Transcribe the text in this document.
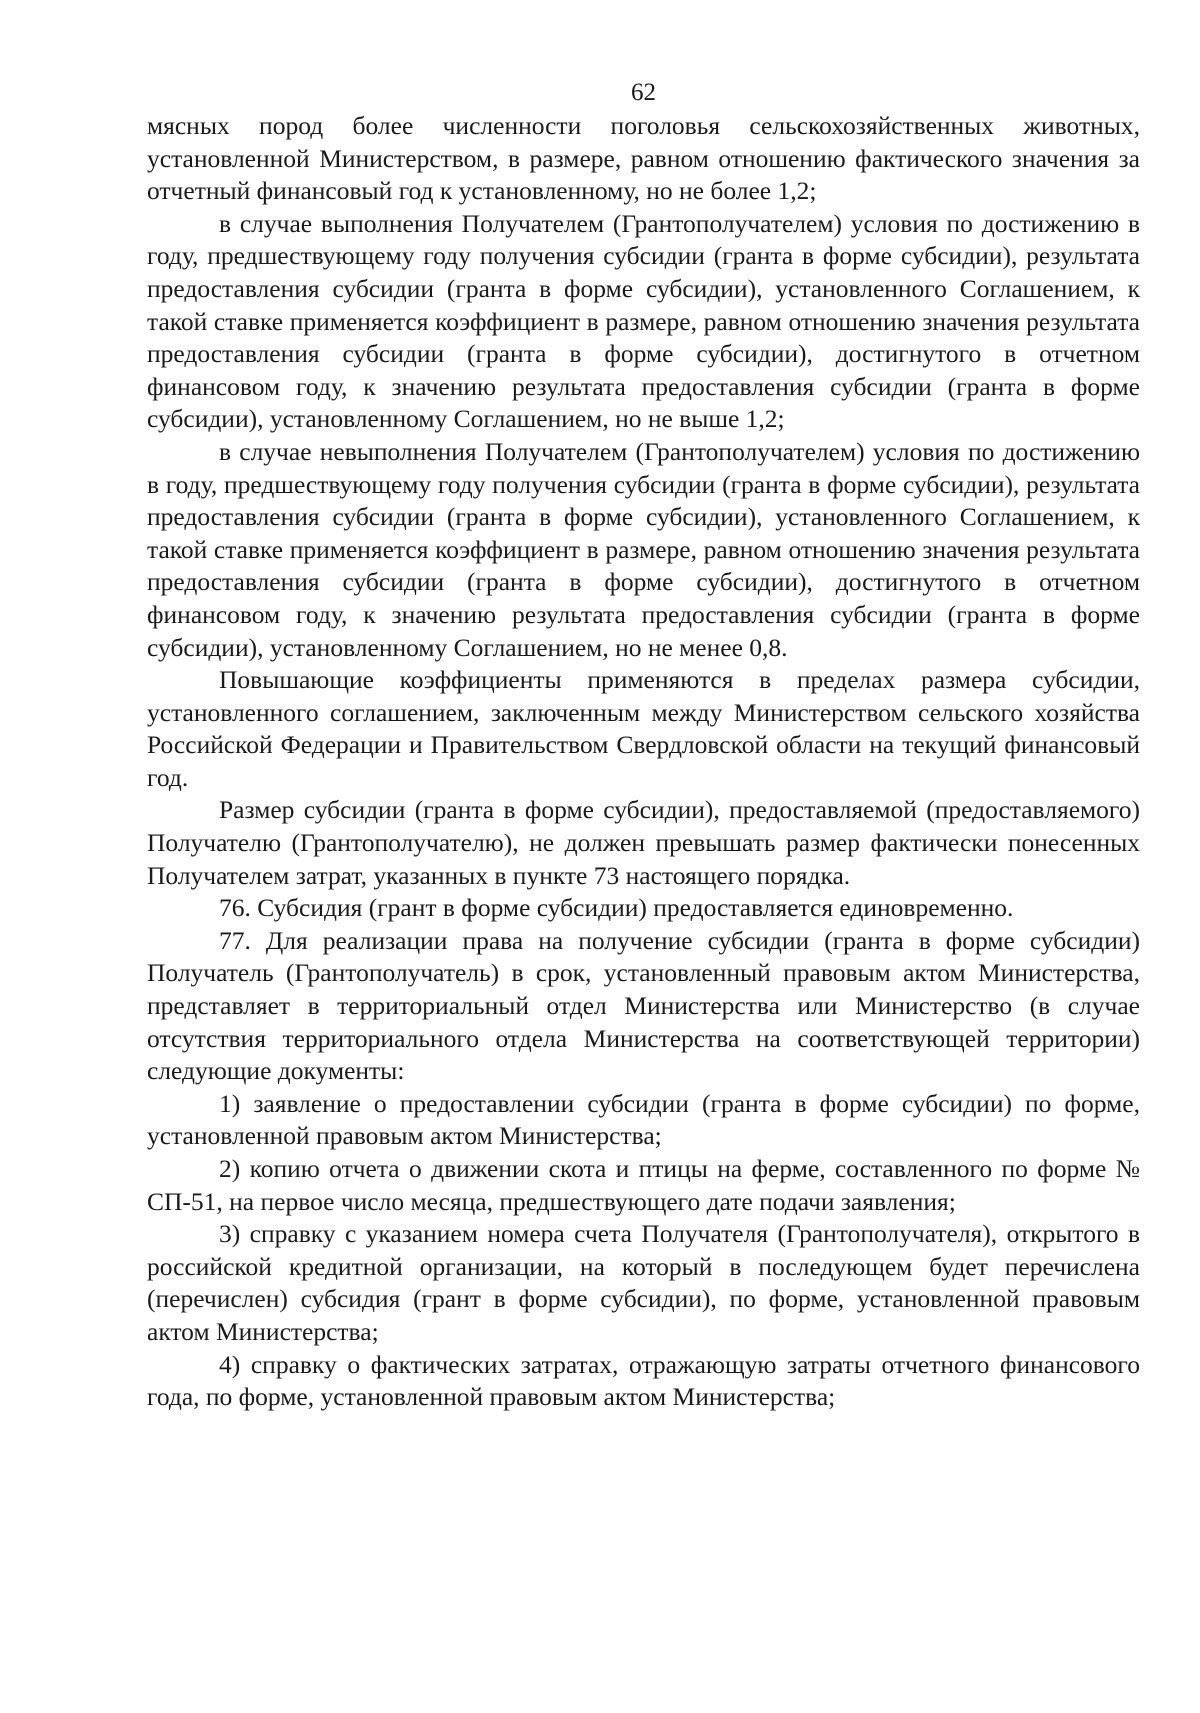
62

мясных пород более численности поголовья сельскохозяйственных животных, установленной Министерством, в размере, равном отношению фактического значения за отчетный финансовый год к установленному, но не более 1,2;

в случае выполнения Получателем (Грантополучателем) условия по достижению в году, предшествующему году получения субсидии (гранта в форме субсидии), результата предоставления субсидии (гранта в форме субсидии), установленного Соглашением, к такой ставке применяется коэффициент в размере, равном отношению значения результата предоставления субсидии (гранта в форме субсидии), достигнутого в отчетном финансовом году, к значению результата предоставления субсидии (гранта в форме субсидии), установленному Соглашением, но не выше 1,2;

в случае невыполнения Получателем (Грантополучателем) условия по достижению в году, предшествующему году получения субсидии (гранта в форме субсидии), результата предоставления субсидии (гранта в форме субсидии), установленного Соглашением, к такой ставке применяется коэффициент в размере, равном отношению значения результата предоставления субсидии (гранта в форме субсидии), достигнутого в отчетном финансовом году, к значению результата предоставления субсидии (гранта в форме субсидии), установленному Соглашением, но не менее 0,8.

Повышающие коэффициенты применяются в пределах размера субсидии, установленного соглашением, заключенным между Министерством сельского хозяйства Российской Федерации и Правительством Свердловской области на текущий финансовый год.

Размер субсидии (гранта в форме субсидии), предоставляемой (предоставляемого) Получателю (Грантополучателю), не должен превышать размер фактически понесенных Получателем затрат, указанных в пункте 73 настоящего порядка.

76. Субсидия (грант в форме субсидии) предоставляется единовременно.

77. Для реализации права на получение субсидии (гранта в форме субсидии) Получатель (Грантополучатель) в срок, установленный правовым актом Министерства, представляет в территориальный отдел Министерства или Министерство (в случае отсутствия территориального отдела Министерства на соответствующей территории) следующие документы:

1) заявление о предоставлении субсидии (гранта в форме субсидии) по форме, установленной правовым актом Министерства;

2) копию отчета о движении скота и птицы на ферме, составленного по форме № СП-51, на первое число месяца, предшествующего дате подачи заявления;

3) справку с указанием номера счета Получателя (Грантополучателя), открытого в российской кредитной организации, на который в последующем будет перечислена (перечислен) субсидия (грант в форме субсидии), по форме, установленной правовым актом Министерства;

4) справку о фактических затратах, отражающую затраты отчетного финансового года, по форме, установленной правовым актом Министерства;
